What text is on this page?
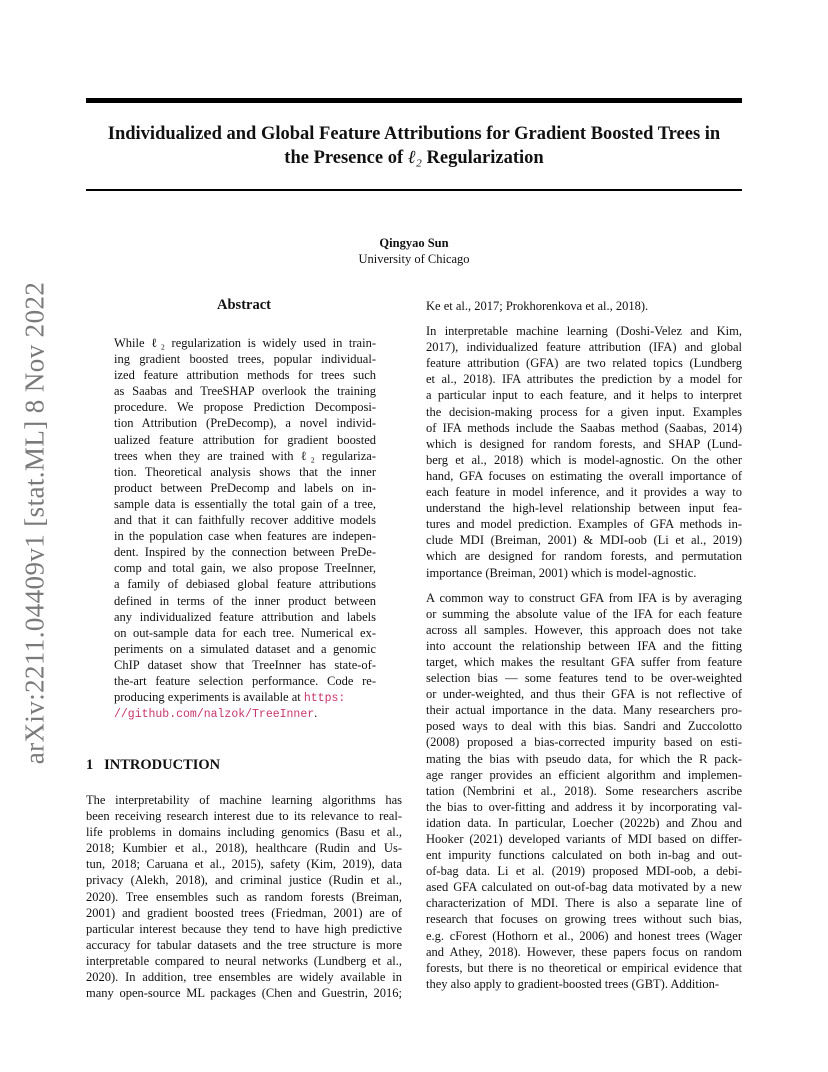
Individualized and Global Feature Attributions for Gradient Boosted Trees in
the Presence of ℓ₂ Regularization
Qingyao Sun
University of Chicago
arXiv:2211.04409v1 [stat.ML] 8 Nov 2022	Abstract
While ℓ₂ regularization is widely used in train-
ing gradient boosted trees, popular individual-
ized feature attribution methods for trees such
as Saabas and TreeSHAP overlook the training
procedure. We propose Prediction Decomposi-
tion Attribution (PreDecomp), a novel individ-
ualized feature attribution for gradient boosted
trees when they are trained with ℓ₂ regulariza-
tion. Theoretical analysis shows that the inner
product between PreDecomp and labels on in-
sample data is essentially the total gain of a tree,
and that it can faithfully recover additive models
in the population case when features are indepen-
dent. Inspired by the connection between PreDe-
comp and total gain, we also propose TreeInner,
a family of debiased global feature attributions
defined in terms of the inner product between
any individualized feature attribution and labels
on out-sample data for each tree. Numerical ex-
periments on a simulated dataset and a genomic
ChIP dataset show that TreeInner has state-of-
the-art feature selection performance. Code re-
producing experiments is available at https:
//github.com/nalzok/TreeInner.
1 INTRODUCTION
The interpretability of machine learning algorithms has
been receiving research interest due to its relevance to real-
life problems in domains including genomics (Basu et al.,
2018; Kumbier et al., 2018), healthcare (Rudin and Us-
tun, 2018; Caruana et al., 2015), safety (Kim, 2019), data
privacy (Alekh, 2018), and criminal justice (Rudin et al.,
2020). Tree ensembles such as random forests (Breiman,
2001) and gradient boosted trees (Friedman, 2001) are of
particular interest because they tend to have high predictive
accuracy for tabular datasets and the tree structure is more
interpretable compared to neural networks (Lundberg et al.,
2020). In addition, tree ensembles are widely available in
many open-source ML packages (Chen and Guestrin, 2016;
Ke et al., 2017; Prokhorenkova et al., 2018).
In interpretable machine learning (Doshi-Velez and Kim,
2017), individualized feature attribution (IFA) and global
feature attribution (GFA) are two related topics (Lundberg
et al., 2018). IFA attributes the prediction by a model for
a particular input to each feature, and it helps to interpret
the decision-making process for a given input. Examples
of IFA methods include the Saabas method (Saabas, 2014)
which is designed for random forests, and SHAP (Lund-
berg et al., 2018) which is model-agnostic. On the other
hand, GFA focuses on estimating the overall importance of
each feature in model inference, and it provides a way to
understand the high-level relationship between input fea-
tures and model prediction. Examples of GFA methods in-
clude MDI (Breiman, 2001) & MDI-oob (Li et al., 2019)
which are designed for random forests, and permutation
importance (Breiman, 2001) which is model-agnostic.
A common way to construct GFA from IFA is by averaging
or summing the absolute value of the IFA for each feature
across all samples. However, this approach does not take
into account the relationship between IFA and the fitting
target, which makes the resultant GFA suffer from feature
selection bias — some features tend to be over-weighted
or under-weighted, and thus their GFA is not reflective of
their actual importance in the data. Many researchers pro-
posed ways to deal with this bias. Sandri and Zuccolotto
(2008) proposed a bias-corrected impurity based on esti-
mating the bias with pseudo data, for which the R pack-
age ranger provides an efficient algorithm and implemen-
tation (Nembrini et al., 2018). Some researchers ascribe
the bias to over-fitting and address it by incorporating val-
idation data. In particular, Loecher (2022b) and Zhou and
Hooker (2021) developed variants of MDI based on differ-
ent impurity functions calculated on both in-bag and out-
of-bag data. Li et al. (2019) proposed MDI-oob, a debi-
ased GFA calculated on out-of-bag data motivated by a new
characterization of MDI. There is also a separate line of
research that focuses on growing trees without such bias,
e.g. cForest (Hothorn et al., 2006) and honest trees (Wager
and Athey, 2018). However, these papers focus on random
forests, but there is no theoretical or empirical evidence that
they also apply to gradient-boosted trees (GBT). Addition-
